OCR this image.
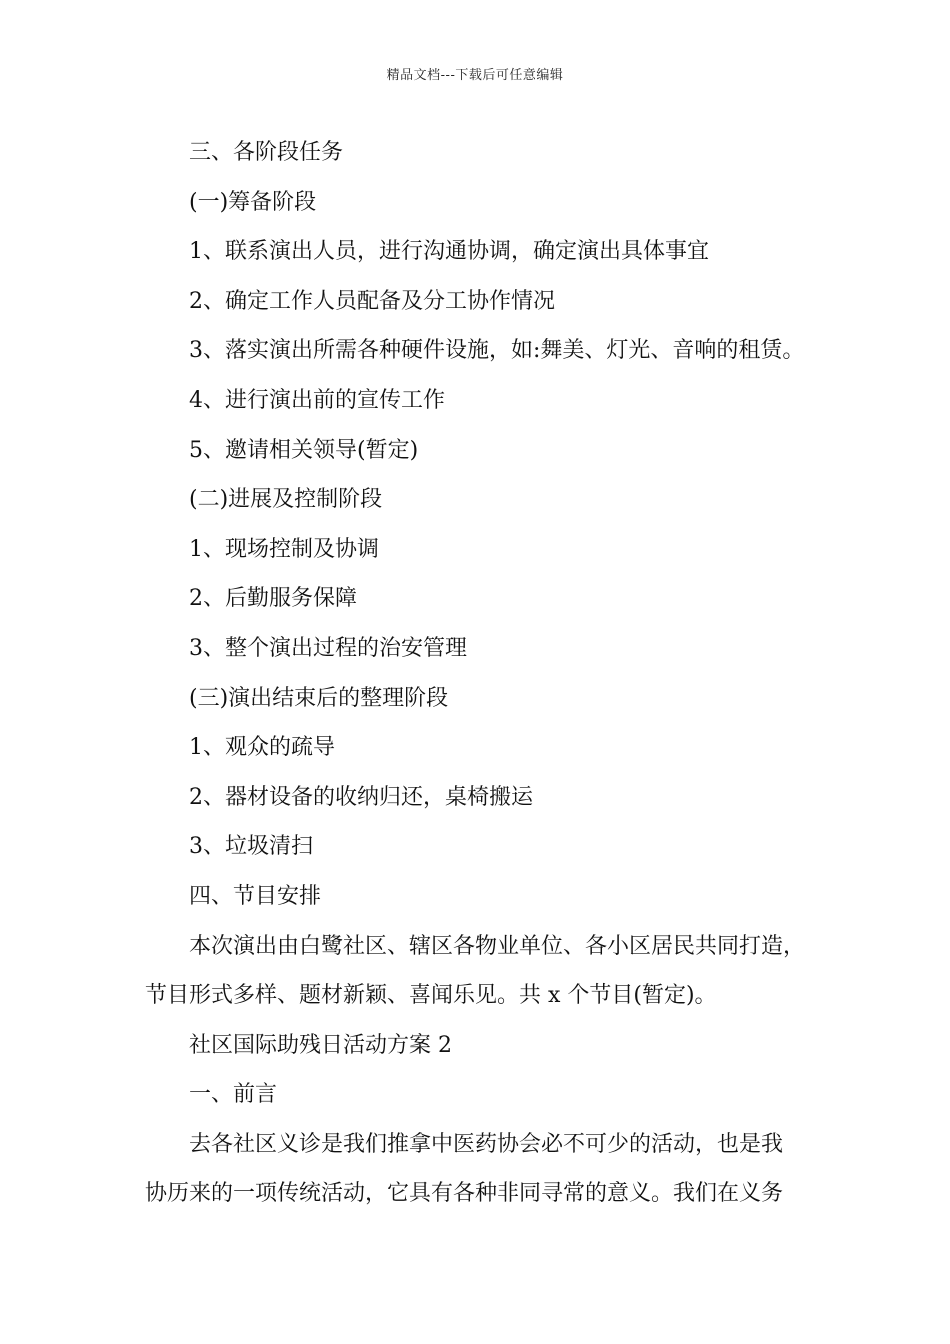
精品文档---下载后可任意编辑

三、各阶段任务

(一)筹备阶段

1、联系演出人员，进行沟通协调，确定演出具体事宜

2、确定工作人员配备及分工协作情况

3、落实演出所需各种硬件设施，如:舞美、灯光、音响的租赁。

4、进行演出前的宣传工作

5、邀请相关领导(暂定)

(二)进展及控制阶段

1、现场控制及协调

2、后勤服务保障

3、整个演出过程的治安管理

(三)演出结束后的整理阶段

1、观众的疏导

2、器材设备的收纳归还，桌椅搬运

3、垃圾清扫

四、节目安排

本次演出由白鹭社区、辖区各物业单位、各小区居民共同打造，

节目形式多样、题材新颖、喜闻乐见。共 x 个节目(暂定)。

社区国际助残日活动方案 2

一、前言

去各社区义诊是我们推拿中医药协会必不可少的活动，也是我

协历来的一项传统活动，它具有各种非同寻常的意义。我们在义务
